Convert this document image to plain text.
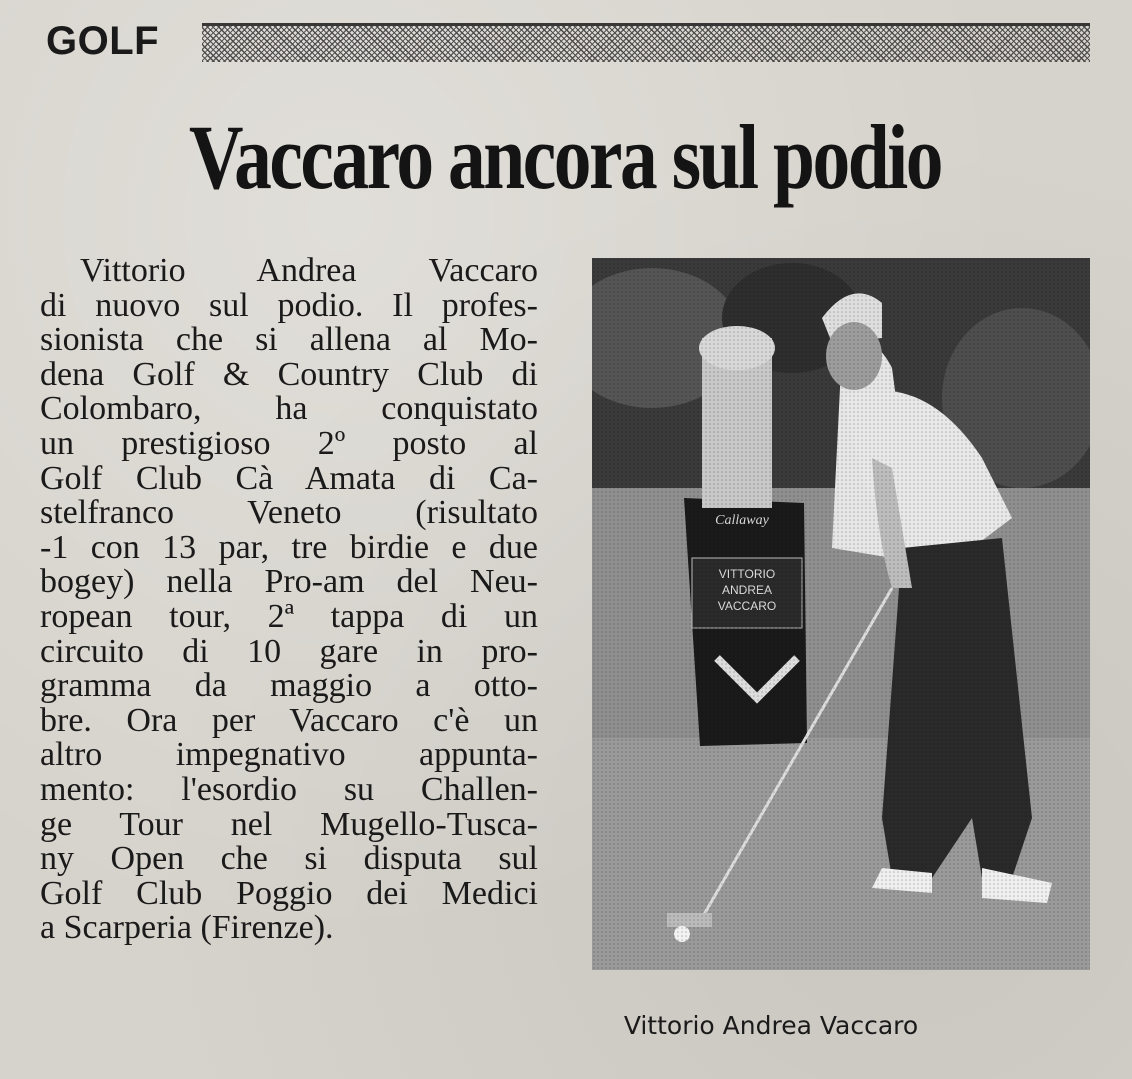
GOLF
Vaccaro ancora sul podio
Vittorio Andrea Vaccaro
di nuovo sul podio. Il profes-
sionista che si allena al Mo-
dena Golf & Country Club di
Colombaro, ha conquistato
un prestigioso 2º posto al
Golf Club Cà Amata di Ca-
stelfranco Veneto (risultato
-1 con 13 par, tre birdie e due
bogey) nella Pro-am del Neu-
ropean tour, 2ª tappa di un
circuito di 10 gare in pro-
gramma da maggio a otto-
bre. Ora per Vaccaro c'è un
altro impegnativo appunta-
mento: l'esordio su Challen-
ge Tour nel Mugello-Tusca-
ny Open che si disputa sul
Golf Club Poggio dei Medici
a Scarperia (Firenze).
Vittorio Andrea Vaccaro
